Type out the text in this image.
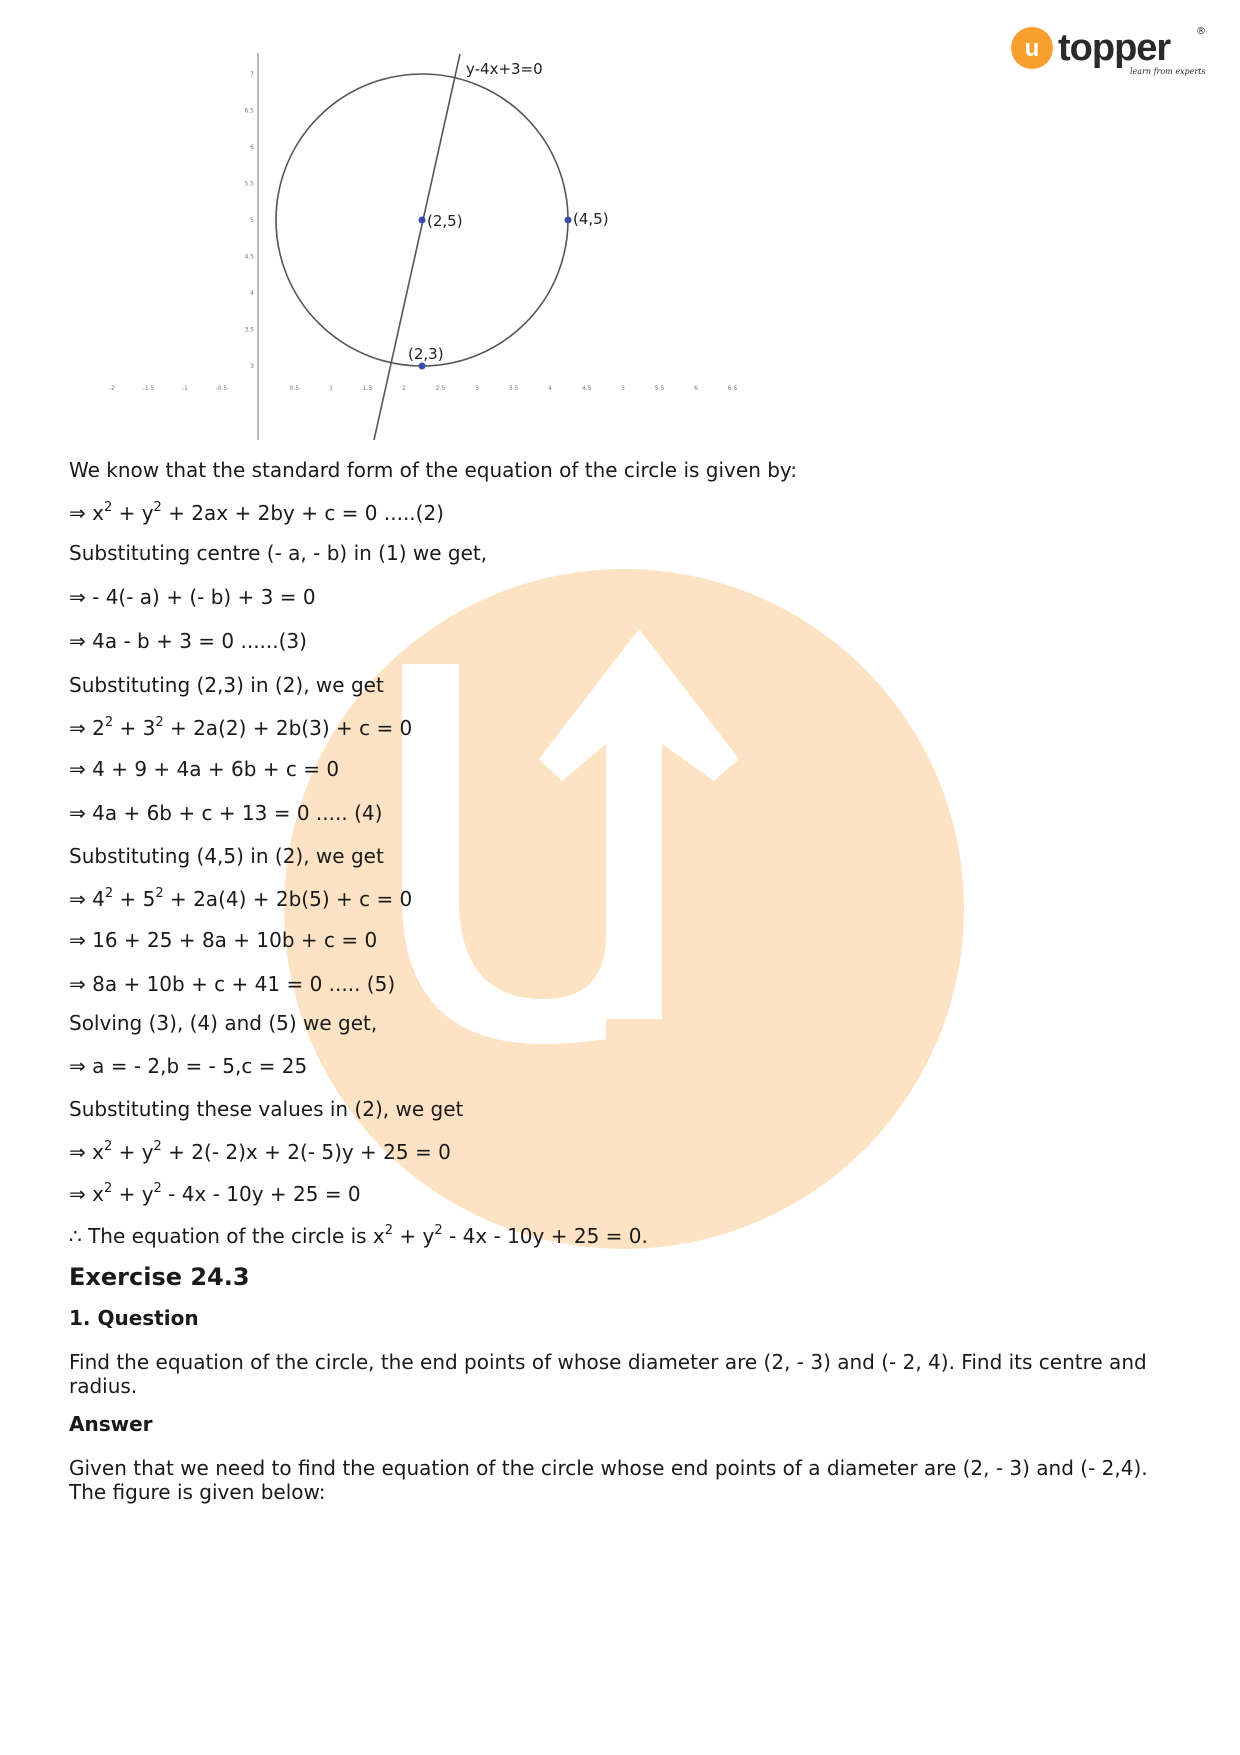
u topper	®
learn from experts
-2	-1.5	-1	-0.5	0.5	1	1.5	2	2.5	3	3.5	4	4.5	5	5.5	6	6.5
7
6.5
6
5.5
5
4.5
4
3.5
3
y-4x+3=0
(2,5)	(4,5)
(2,3)

We know that the standard form of the equation of the circle is given by:

⇒ $x^2 + y^2 + 2ax + 2by + c = 0$ .....(2)

Substituting centre (- a, - b) in (1) we get,

⇒ - 4(- a) + (- b) + 3 = 0

⇒ 4a - b + 3 = 0 ......(3)

Substituting (2,3) in (2), we get

⇒ $2^2 + 3^2 + 2a(2) + 2b(3) + c = 0$

⇒ 4 + 9 + 4a + 6b + c = 0

⇒ 4a + 6b + c + 13 = 0 ..... (4)

Substituting (4,5) in (2), we get

⇒ $4^2 + 5^2 + 2a(4) + 2b(5) + c = 0$

⇒ 16 + 25 + 8a + 10b + c = 0

⇒ 8a + 10b + c + 41 = 0 ..... (5)

Solving (3), (4) and (5) we get,

⇒ a = - 2,b = - 5,c = 25

Substituting these values in (2), we get

⇒ $x^2 + y^2 + 2(-$ 2)x + 2(- 5)y + 25 = 0

⇒ $x^2 + y^2 - 4x - 10y + 25 = 0$

∴ The equation of the circle is $x^2 + y^2 - 4x - 10y + 25 = 0$.

Exercise 24.3

1. Question

Find the equation of the circle, the end points of whose diameter are (2, - 3) and (- 2, 4). Find its centre and radius.

Answer

Given that we need to find the equation of the circle whose end points of a diameter are (2, - 3) and (- 2,4). The figure is given below:
